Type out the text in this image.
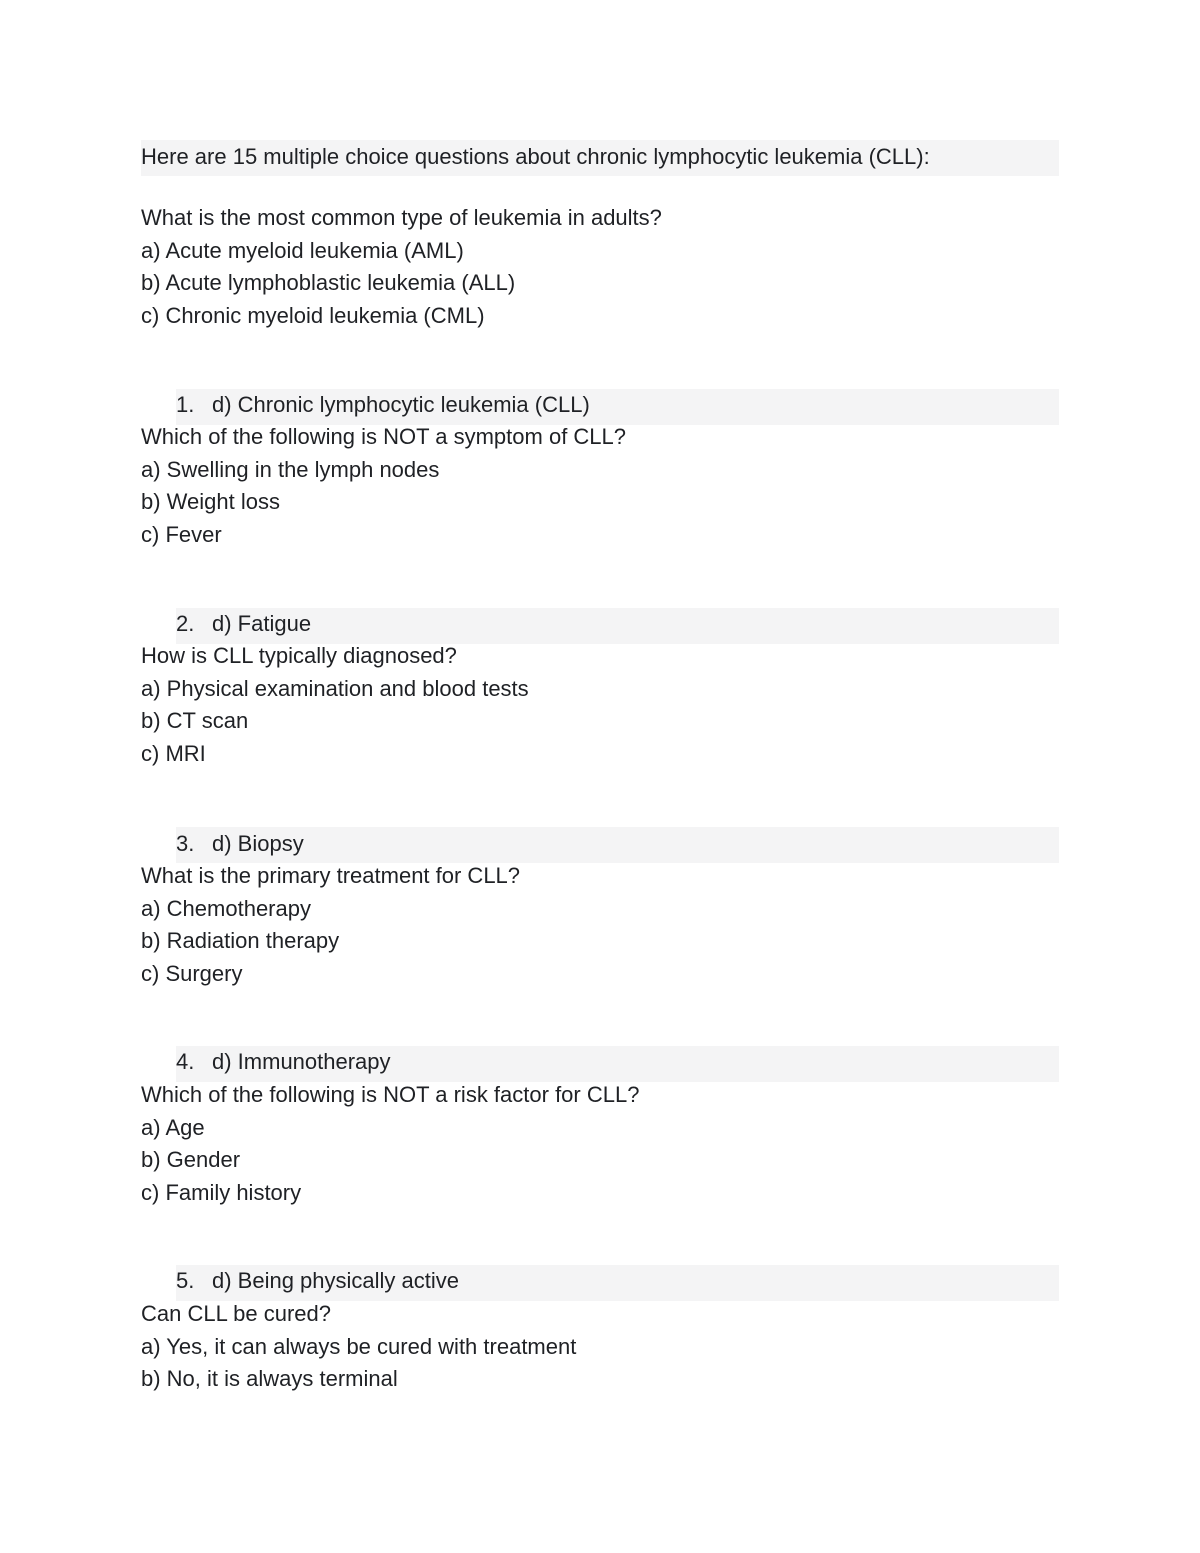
Here are 15 multiple choice questions about chronic lymphocytic leukemia (CLL):
What is the most common type of leukemia in adults?
a) Acute myeloid leukemia (AML)
b) Acute lymphoblastic leukemia (ALL)
c) Chronic myeloid leukemia (CML)
1. d) Chronic lymphocytic leukemia (CLL)
Which of the following is NOT a symptom of CLL?
a) Swelling in the lymph nodes
b) Weight loss
c) Fever
2. d) Fatigue
How is CLL typically diagnosed?
a) Physical examination and blood tests
b) CT scan
c) MRI
3. d) Biopsy
What is the primary treatment for CLL?
a) Chemotherapy
b) Radiation therapy
c) Surgery
4. d) Immunotherapy
Which of the following is NOT a risk factor for CLL?
a) Age
b) Gender
c) Family history
5. d) Being physically active
Can CLL be cured?
a) Yes, it can always be cured with treatment
b) No, it is always terminal
